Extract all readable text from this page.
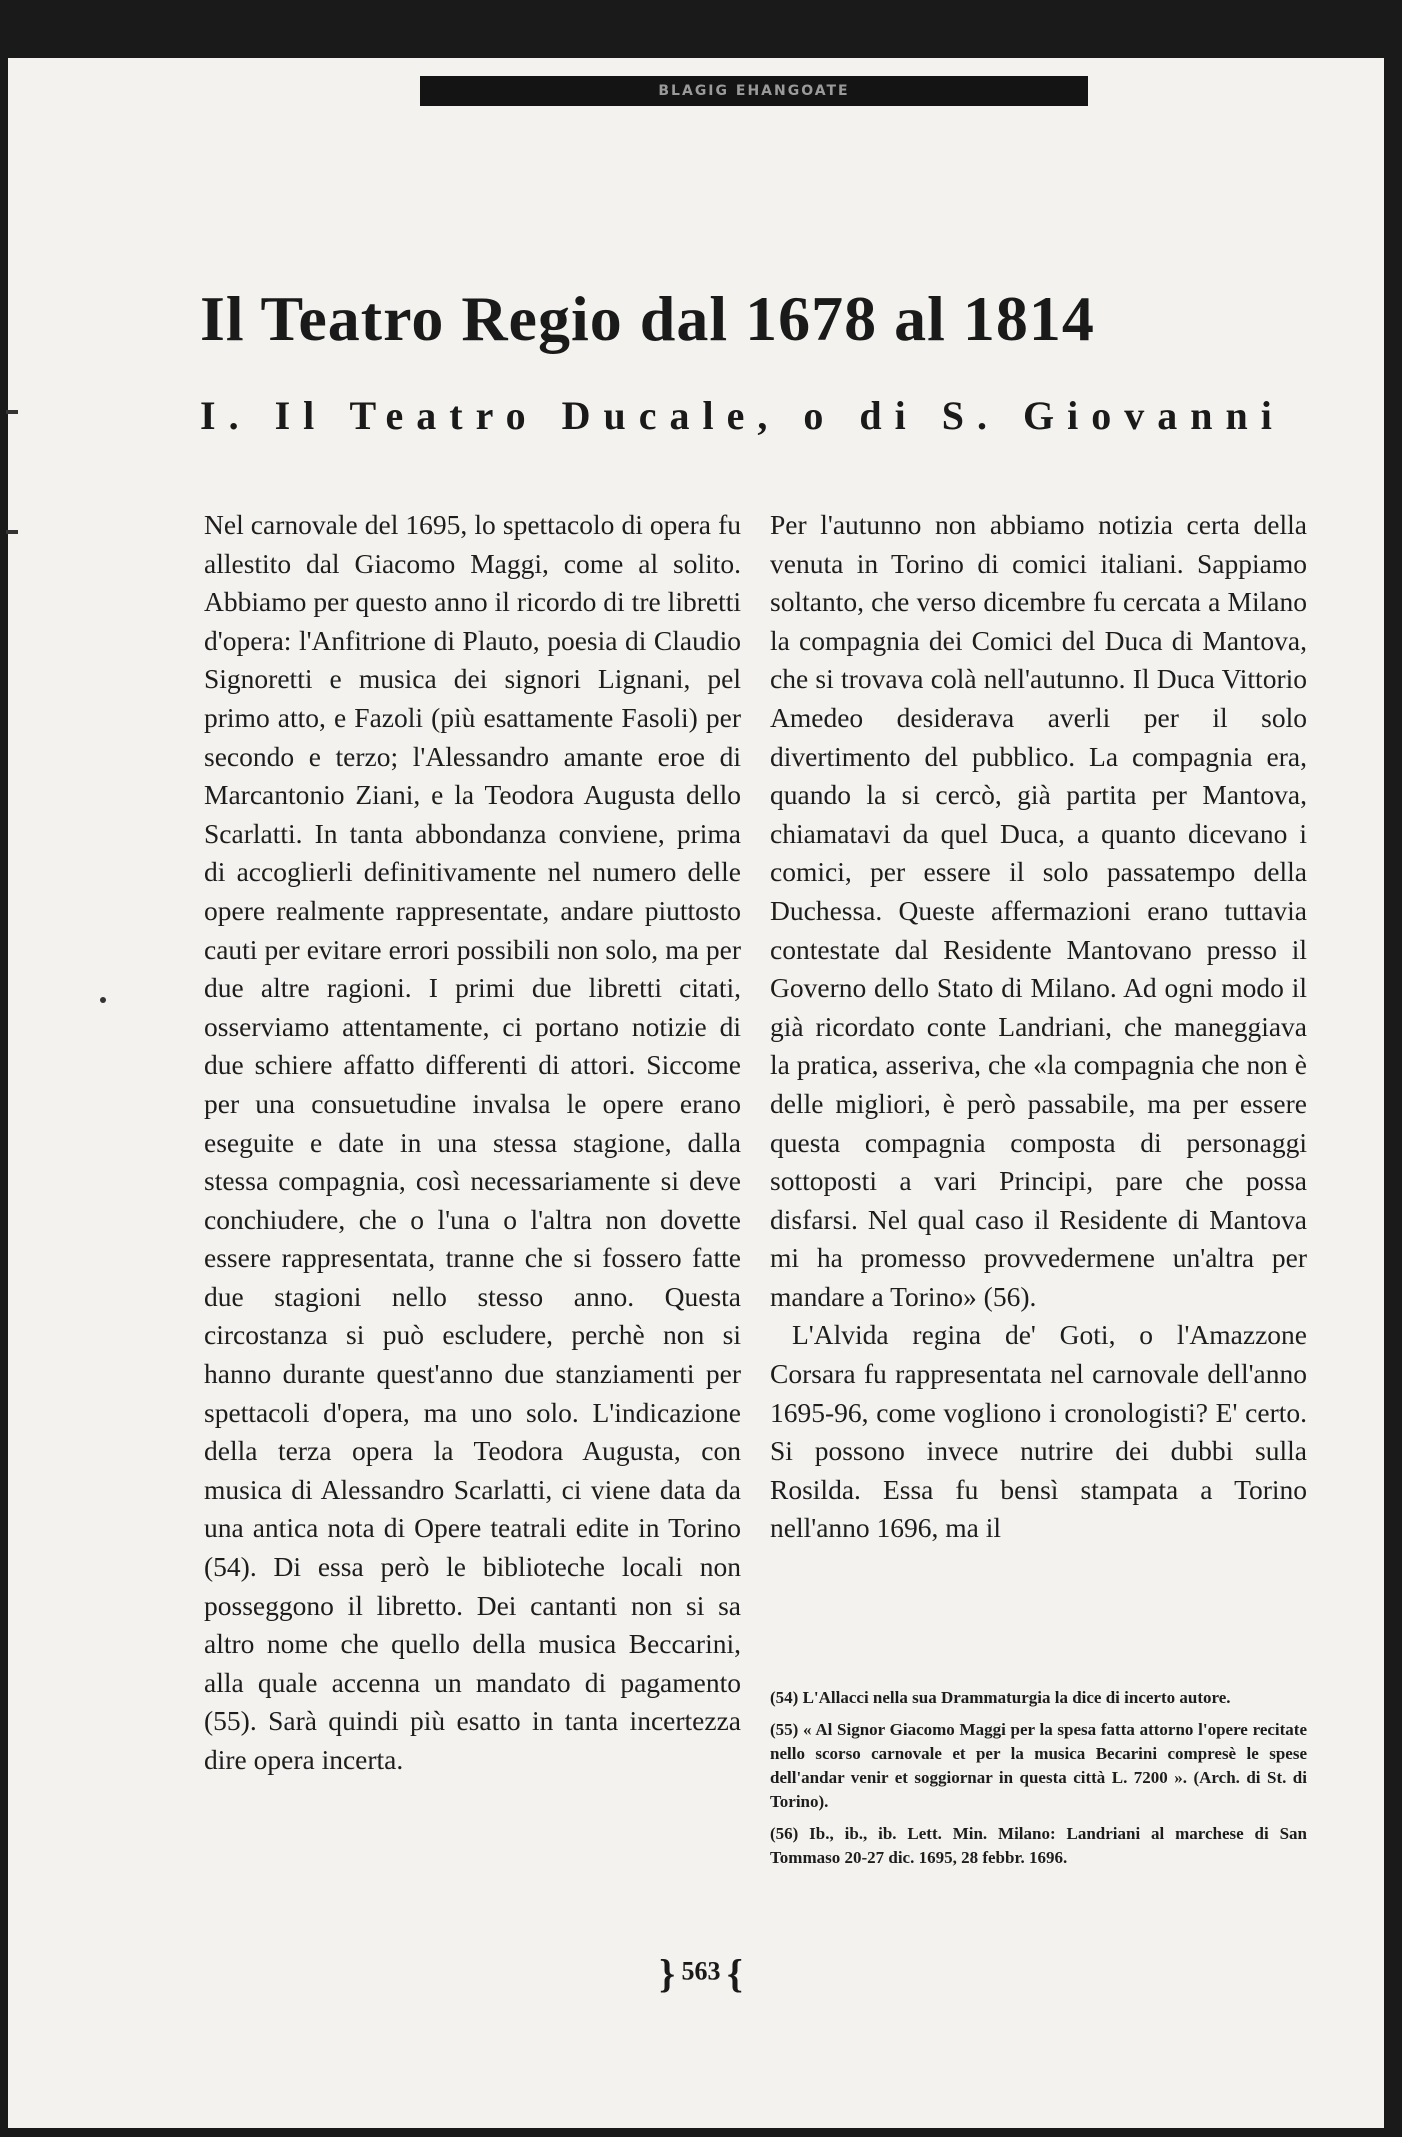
BLAGIG EHANGOATE
Il Teatro Regio dal 1678 al 1814
I. Il Teatro Ducale, o di S. Giovanni

Nel carnovale del 1695, lo spettacolo di opera fu allestito dal Giacomo Maggi, come al solito. Abbiamo per questo anno il ricordo di tre libretti d'opera: l'Anfitrione di Plauto, poesia di Claudio Signoretti e musica dei signori Lignani, pel primo atto, e Fazoli (più esattamente Fasoli) per secondo e terzo; l'Alessandro amante eroe di Marcantonio Ziani, e la Teodora Augusta dello Scarlatti. In tanta abbondanza conviene, prima di accoglierli definitivamente nel numero delle opere realmente rappresentate, andare piuttosto cauti per evitare errori possibili non solo, ma per due altre ragioni. I primi due libretti citati, osserviamo attentamente, ci portano notizie di due schiere affatto differenti di attori. Siccome per una consuetudine invalsa le opere erano eseguite e date in una stessa stagione, dalla stessa compagnia, così necessariamente si deve conchiudere, che o l'una o l'altra non dovette essere rappresentata, tranne che si fossero fatte due stagioni nello stesso anno. Questa circostanza si può escludere, perchè non si hanno durante quest'anno due stanziamenti per spettacoli d'opera, ma uno solo. L'indicazione della terza opera la Teodora Augusta, con musica di Alessandro Scarlatti, ci viene data da una antica nota di Opere teatrali edite in Torino (54). Di essa però le biblioteche locali non posseggono il libretto. Dei cantanti non si sa altro nome che quello della musica Beccarini, alla quale accenna un mandato di pagamento (55). Sarà quindi più esatto in tanta incertezza dire opera incerta.

Per l'autunno non abbiamo notizia certa della venuta in Torino di comici italiani. Sappiamo soltanto, che verso dicembre fu cercata a Milano la compagnia dei Comici del Duca di Mantova, che si trovava colà nell'autunno. Il Duca Vittorio Amedeo desiderava averli per il solo divertimento del pubblico. La compagnia era, quando la si cercò, già partita per Mantova, chiamatavi da quel Duca, a quanto dicevano i comici, per essere il solo passatempo della Duchessa. Queste affermazioni erano tuttavia contestate dal Residente Mantovano presso il Governo dello Stato di Milano. Ad ogni modo il già ricordato conte Landriani, che maneggiava la pratica, asseriva, che «la compagnia che non è delle migliori, è però passabile, ma per essere questa compagnia composta di personaggi sottoposti a vari Principi, pare che possa disfarsi. Nel qual caso il Residente di Mantova mi ha promesso provvedermene un'altra per mandare a Torino» (56).

L'Alvida regina de' Goti, o l'Amazzone Corsara fu rappresentata nel carnovale dell'anno 1695-96, come vogliono i cronologisti? E' certo. Si possono invece nutrire dei dubbi sulla Rosilda. Essa fu bensì stampata a Torino nell'anno 1696, ma il

(54) L'Allacci nella sua Drammaturgia la dice di incerto autore.

(55) « Al Signor Giacomo Maggi per la spesa fatta attorno l'opere recitate nello scorso carnovale et per la musica Becarini compresè le spese dell'andar venir et soggiornar in questa città L. 7200 ». (Arch. di St. di Torino).

(56) Ib., ib., ib. Lett. Min. Milano: Landriani al marchese di San Tommaso 20-27 dic. 1695, 28 febbr. 1696.

} 563 {
